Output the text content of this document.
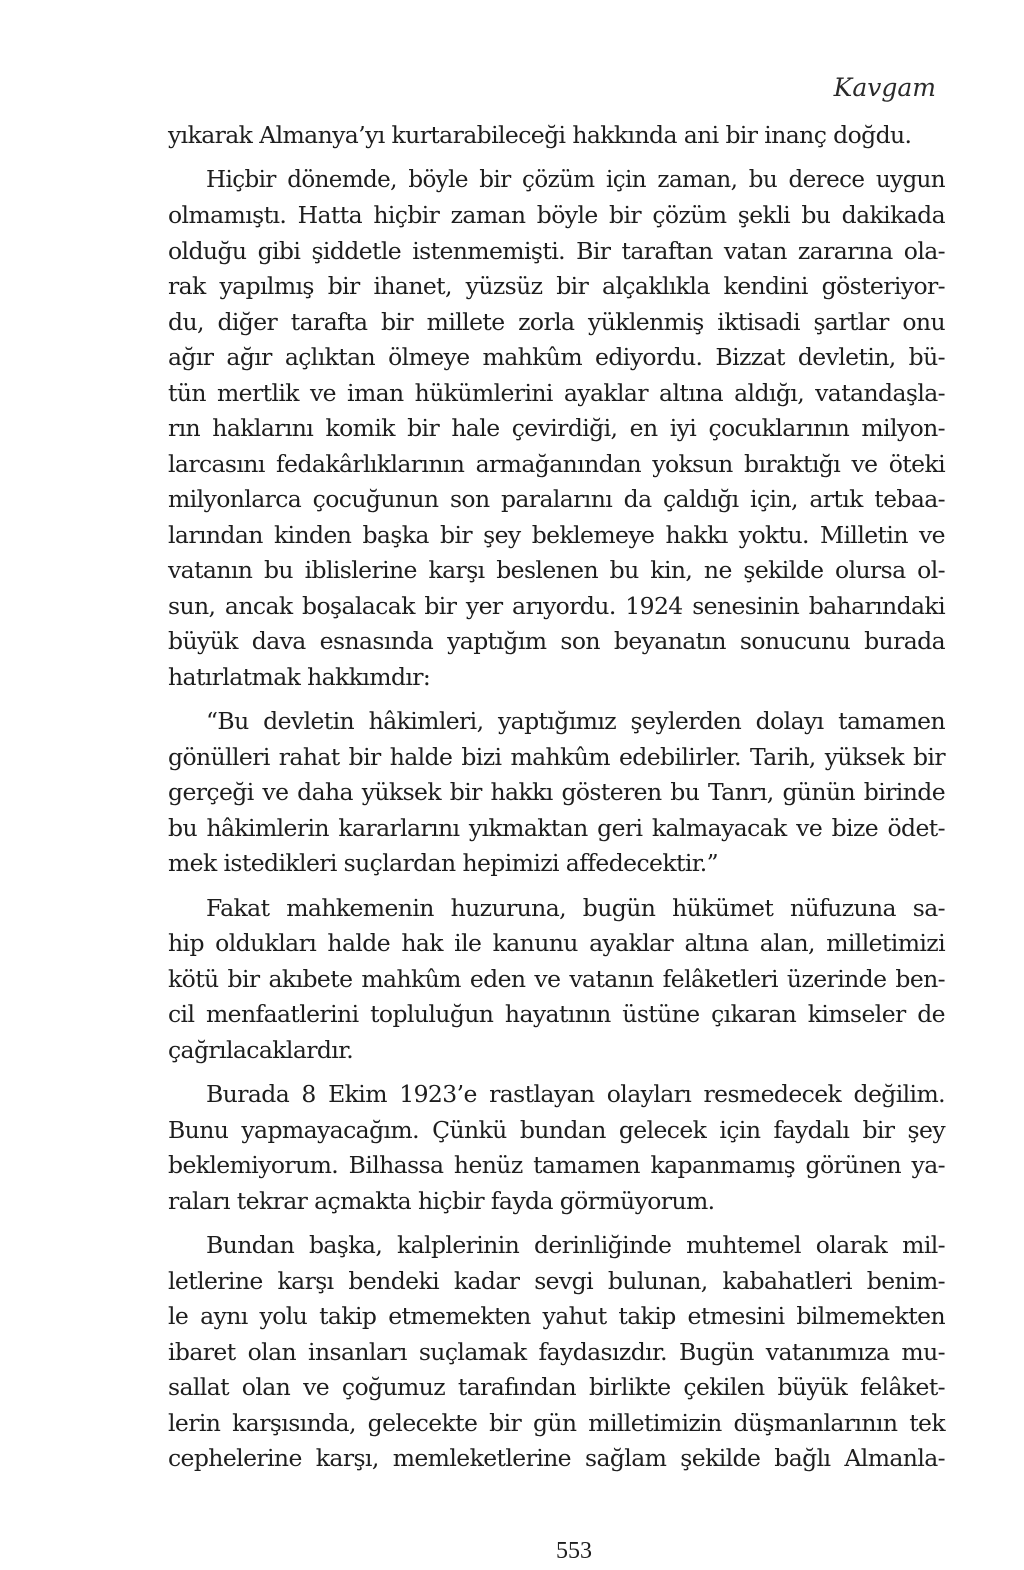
Kavgam
yıkarak Almanya’yı kurtarabileceği hakkında ani bir inanç doğdu.
Hiçbir dönemde, böyle bir çözüm için zaman, bu derece uygun
olmamıştı. Hatta hiçbir zaman böyle bir çözüm şekli bu dakikada
olduğu gibi şiddetle istenmemişti. Bir taraftan vatan zararına ola-
rak yapılmış bir ihanet, yüzsüz bir alçaklıkla kendini gösteriyor-
du, diğer tarafta bir millete zorla yüklenmiş iktisadi şartlar onu
ağır ağır açlıktan ölmeye mahkûm ediyordu. Bizzat devletin, bü-
tün mertlik ve iman hükümlerini ayaklar altına aldığı, vatandaşla-
rın haklarını komik bir hale çevirdiği, en iyi çocuklarının milyon-
larcasını fedakârlıklarının armağanından yoksun bıraktığı ve öteki
milyonlarca çocuğunun son paralarını da çaldığı için, artık tebaa-
larından kinden başka bir şey beklemeye hakkı yoktu. Milletin ve
vatanın bu iblislerine karşı beslenen bu kin, ne şekilde olursa ol-
sun, ancak boşalacak bir yer arıyordu. 1924 senesinin baharındaki
büyük dava esnasında yaptığım son beyanatın sonucunu burada
hatırlatmak hakkımdır:
“Bu devletin hâkimleri, yaptığımız şeylerden dolayı tamamen
gönülleri rahat bir halde bizi mahkûm edebilirler. Tarih, yüksek bir
gerçeği ve daha yüksek bir hakkı gösteren bu Tanrı, günün birinde
bu hâkimlerin kararlarını yıkmaktan geri kalmayacak ve bize ödet-
mek istedikleri suçlardan hepimizi affedecektir.”
Fakat mahkemenin huzuruna, bugün hükümet nüfuzuna sa-
hip oldukları halde hak ile kanunu ayaklar altına alan, milletimizi
kötü bir akıbete mahkûm eden ve vatanın felâketleri üzerinde ben-
cil menfaatlerini topluluğun hayatının üstüne çıkaran kimseler de
çağrılacaklardır.
Burada 8 Ekim 1923’e rastlayan olayları resmedecek değilim.
Bunu yapmayacağım. Çünkü bundan gelecek için faydalı bir şey
beklemiyorum. Bilhassa henüz tamamen kapanmamış görünen ya-
raları tekrar açmakta hiçbir fayda görmüyorum.
Bundan başka, kalplerinin derinliğinde muhtemel olarak mil-
letlerine karşı bendeki kadar sevgi bulunan, kabahatleri benim-
le aynı yolu takip etmemekten yahut takip etmesini bilmemekten
ibaret olan insanları suçlamak faydasızdır. Bugün vatanımıza mu-
sallat olan ve çoğumuz tarafından birlikte çekilen büyük felâket-
lerin karşısında, gelecekte bir gün milletimizin düşmanlarının tek
cephelerine karşı, memleketlerine sağlam şekilde bağlı Almanla-
553
